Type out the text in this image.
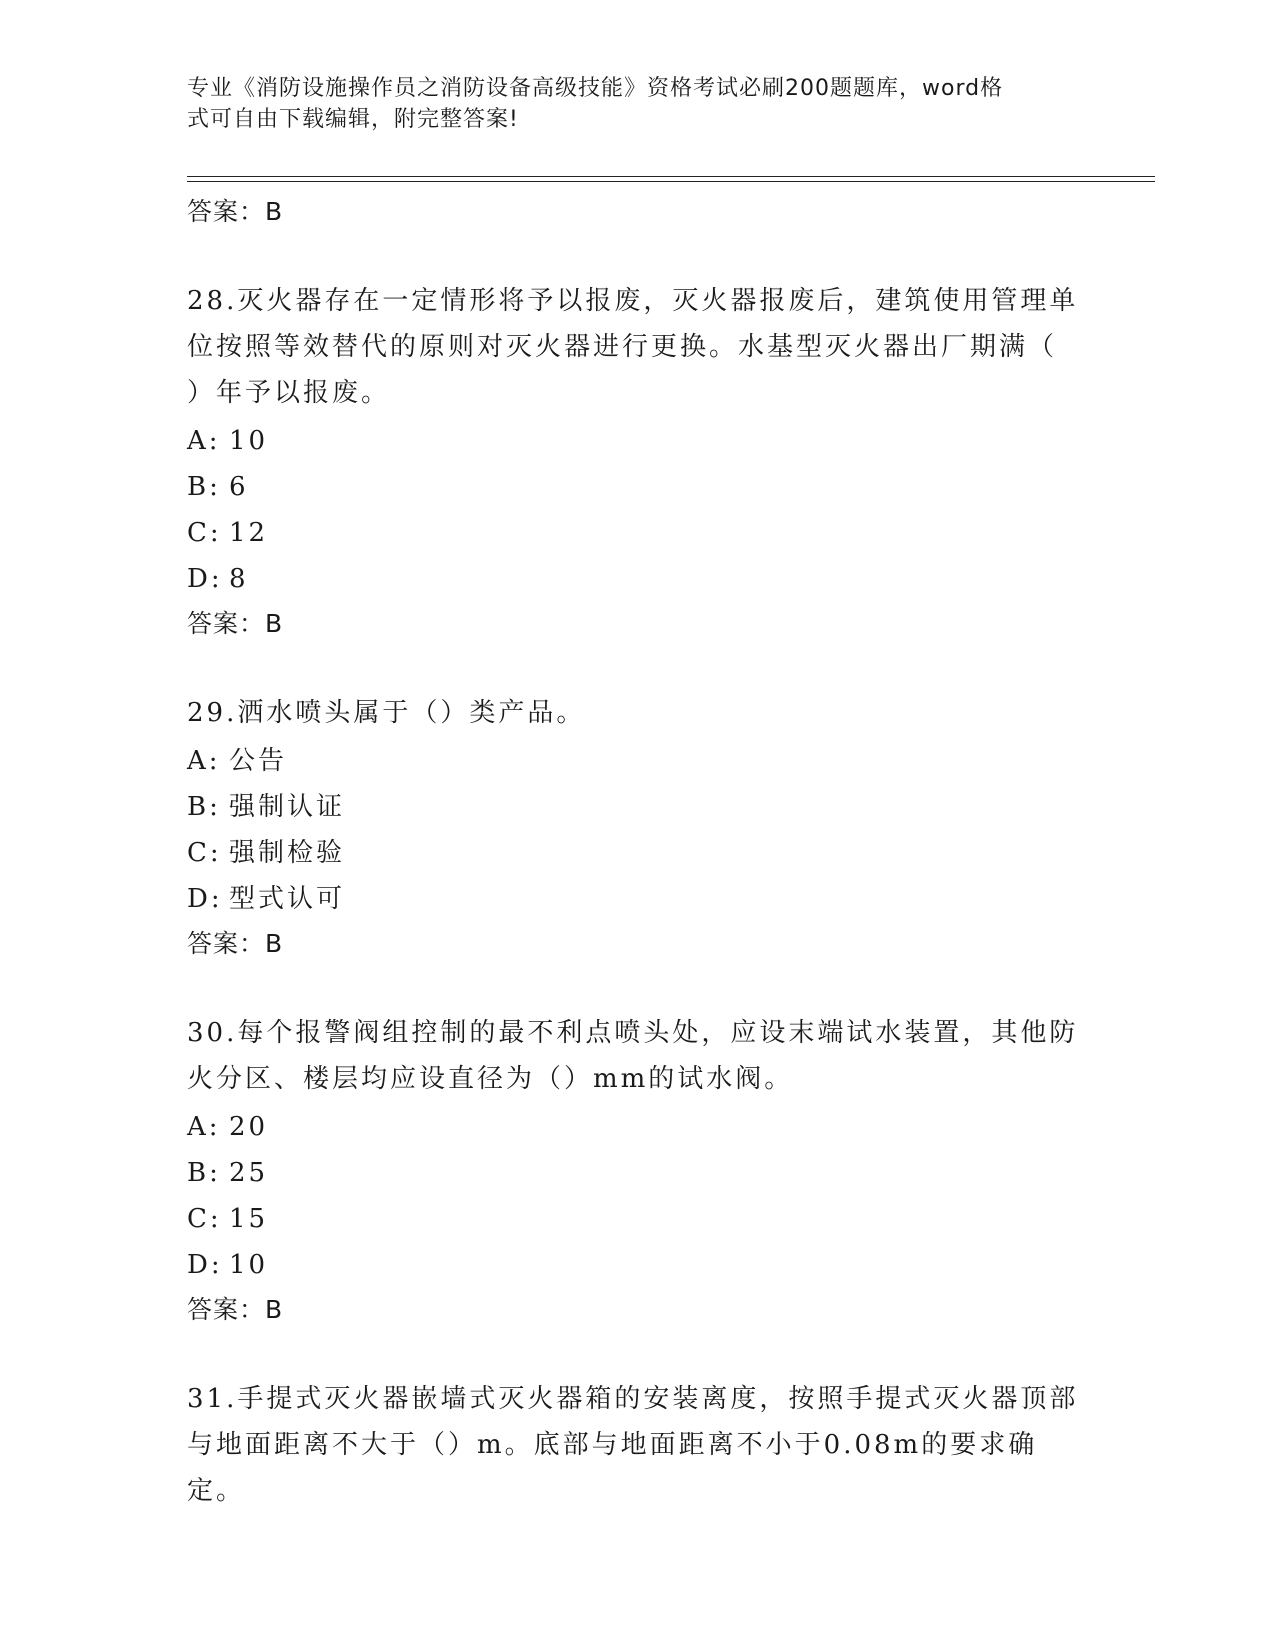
专业《消防设施操作员之消防设备高级技能》资格考试必刷200题题库，word格
式可自由下载编辑，附完整答案!
答案：B
28.灭火器存在一定情形将予以报废，灭火器报废后，建筑使用管理单
位按照等效替代的原则对灭火器进行更换。水基型灭火器出厂期满（
）年予以报废。
A: 10
B: 6
C: 12
D: 8
答案：B
29.洒水喷头属于（）类产品。
A: 公告
B: 强制认证
C: 强制检验
D: 型式认可
答案：B
30.每个报警阀组控制的最不利点喷头处，应设末端试水装置，其他防
火分区、楼层均应设直径为（）mm的试水阀。
A: 20
B: 25
C: 15
D: 10
答案：B
31.手提式灭火器嵌墙式灭火器箱的安装离度，按照手提式灭火器顶部
与地面距离不大于（）m。底部与地面距离不小于0.08m的要求确定。
